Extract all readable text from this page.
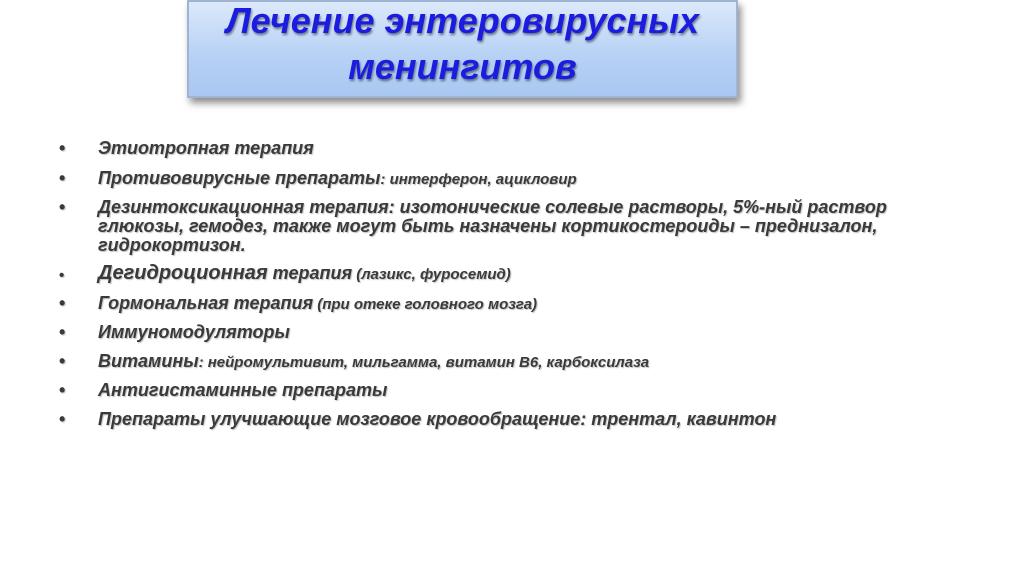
Лечение энтеровирусных
менингитов
• Этиотропная терапия
• Противовирусные препараты: интерферон, ацикловир
• Дезинтоксикационная терапия: изотонические солевые растворы, 5%-ный раствор глюкозы, гемодез, также могут быть назначены кортикостероиды – преднизалон, гидрокортизон.
• Дегидроционная терапия (лазикс, фуросемид)
• Гормональная терапия (при отеке головного мозга)
• Иммуномодуляторы
• Витамины: нейромультивит, мильгамма, витамин В6, карбоксилаза
• Антигистаминные препараты
• Препараты улучшающие мозговое кровообращение: трентал, кавинтон
